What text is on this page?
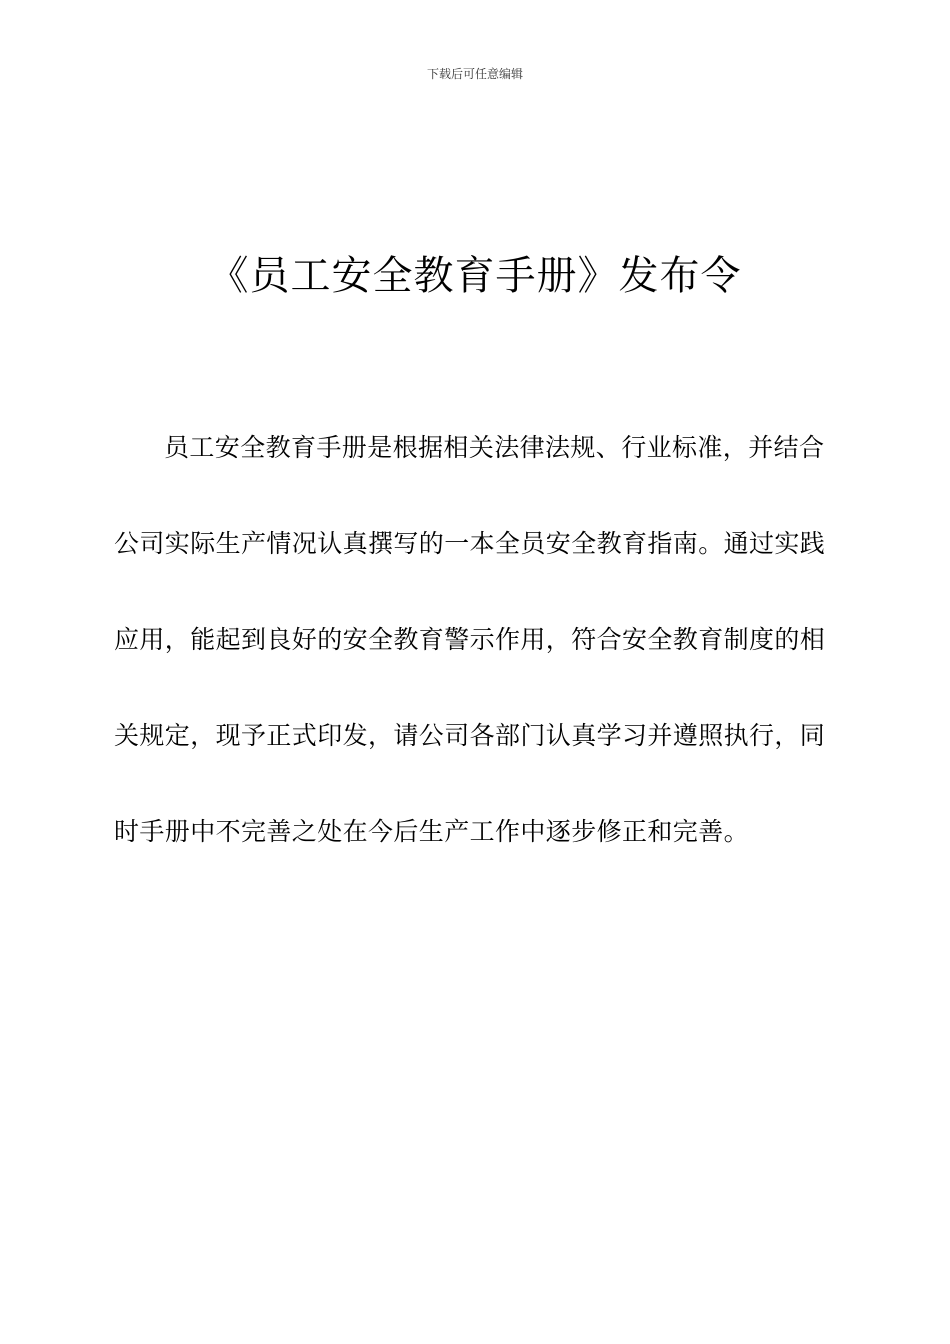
下载后可任意编辑
《员工安全教育手册》发布令
员工安全教育手册是根据相关法律法规、行业标准，并结合
公司实际生产情况认真撰写的一本全员安全教育指南。通过实践
应用，能起到良好的安全教育警示作用，符合安全教育制度的相
关规定，现予正式印发，请公司各部门认真学习并遵照执行，同
时手册中不完善之处在今后生产工作中逐步修正和完善。
